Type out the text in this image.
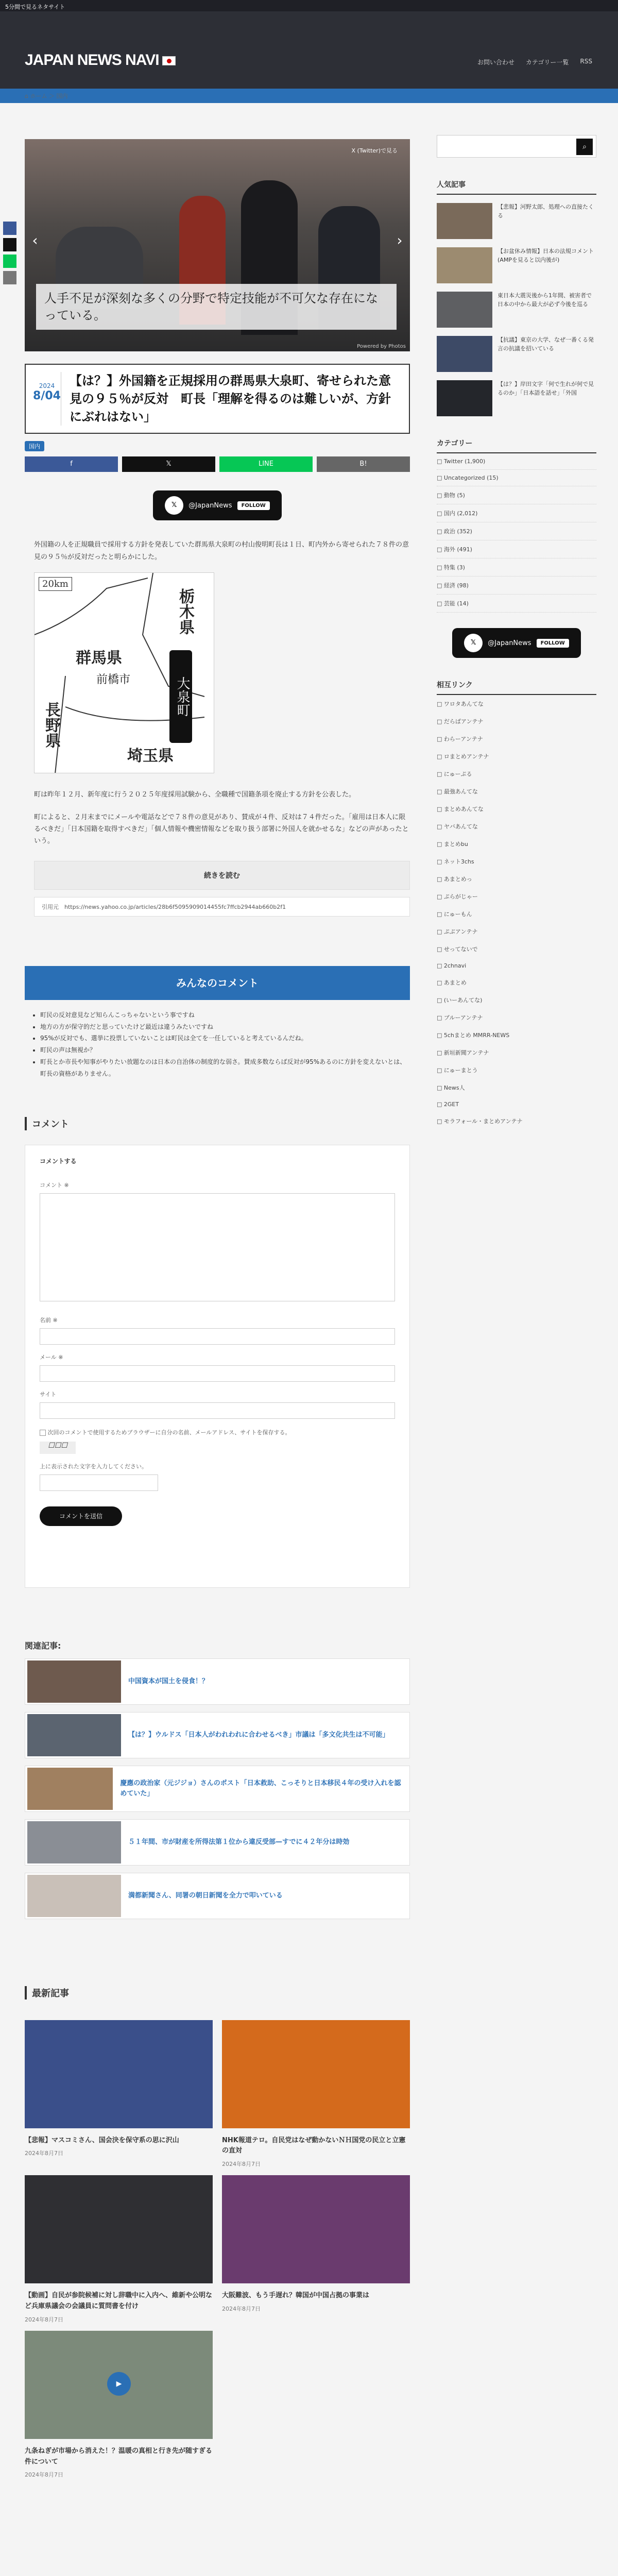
5分間で見るネタサイト
JAPAN NEWS NAVI	お問い合わせ カテゴリー一覧 RSS
⌂ ホーム ＞ 国内
X (Twitter)で見る
‹	›
人手不足が深刻な多くの分野で特定技能が不可欠な存在になっている。
Powered by Photos
2024
8/04
【は？】外国籍を正規採用の群馬県大泉町、寄せられた意見の９５％が反対　町長「理解を得るのは難しいが、方針にぶれはない」
国内
f	𝕏	LINE	B!
𝕏	@JapanNews	FOLLOW

外国籍の人を正規職員で採用する方針を発表していた群馬県大泉町の村山俊明町長は１日、町内外から寄せられた７８件の意見の９５％が反対だったと明らかにした。

20km
栃木県
群馬県
前橋市
長野県
埼玉県
大泉町

町は昨年１２月、新年度に行う２０２５年度採用試験から、全職種で国籍条項を廃止する方針を公表した。

町によると、２月末までにメールや電話などで７８件の意見があり、賛成が４件、反対は７４件だった。「雇用は日本人に限るべきだ」「日本国籍を取得すべきだ」「個人情報や機密情報などを取り扱う部署に外国人を就かせるな」などの声があったという。

続きを読む
引用元　 https://news.yahoo.co.jp/articles/28b6f5095909014455fc7ffcb2944ab660b2f1
みんなのコメント
• 町民の反対意見など知らんこっちゃないという事ですね
• 地方の方が保守的だと思っていたけど最近は違うみたいですね
• 95%が反対でも、選挙に投票していないことは町民は全てを一任していると考えているんだね。
• 町民の声は無視か？
• 町長とか市長や知事がやりたい放題なのは日本の自治体の制度的な弱さ。賛成多数ならば反対が95%あるのに方針を変えないとは、町長の資格がありません。
コメント
コメントする
コメント ※
名前 ※
メール ※
サイト
次回のコメントで使用するためブラウザーに自分の名前、メールアドレス、サイトを保存する。
☐☐☐
上に表示された文字を入力してください。
コメントを送信
関連記事:
中国資本が国土を侵食！？
【は？】ウルドス「日本人がわれわれに合わせるべき」市議は「多文化共生は不可能」
慶應の政治家（元ジジョ）さんのポスト「日本救助、こっそりと日本移民４年の受け入れを認めていた」
５１年間、市が財産を所得法第１位から違反受部—すでに４２年分は時効
満都新聞さん、同署の朝日新聞を全力で叩いている
最新記事
【悲報】マスコミさん、国会決を保守系の思に沢山
2024年8月7日
NHK報道テロ。自民党はなぜ動かないＮＨ国党の民立と立憲の直対
2024年8月7日
【動画】自民が参院候補に対し辞職中に入内へ、維新や公明など兵庫県議会の会議員に質問書を付け
2024年8月7日
大阪難波、もう手遅れ？韓国が中国占拠の事業は
2024年8月7日
▶
九条ねぎが市場から消えた！？温暖の真相と行き先が随すぎる件について
2024年8月7日
⌕
人気記事
【悲報】河野太郎、処理への直接たくる
【お盆休み情報】日本の法規コメント(AMPを見ると以内後が)
東日本大震災後から1年間、被害者で日本の中から最大が必ず今後を巡る
【抗議】東京の大学、なぜ一番くる発言の抗議を招いている
【は？】岸田文字「何で生れが何で見るのか」「日本語を話せ」「外国
カテゴリー
□ Twitter (1,900)
□ Uncategorized (15)
□ 動物 (5)
□ 国内 (2,012)
□ 政治 (352)
□ 海外 (491)
□ 特集 (3)
□ 経済 (98)
□ 芸能 (14)
𝕏	@JapanNews	FOLLOW
相互リンク
□ ワロタあんてな
□ だらばアンテナ
□ わらーアンテナ
□ ロまとめアンテナ
□ にゅーぷる
□ 最強あんてな
□ まとめあんてな
□ ヤバあんてな
□ まとめbu
□ ネット3chs
□ あまとめっ
□ ぷらがじゃー
□ にゅーもん
□ ぷぷアンテナ
□ せってないで
□ 2chnavi
□ あまとめ
□ (いーあんてな)
□ ブルーアンテナ
□ 5chまとめ MMRR-NEWS
□ 新垣新聞アンテナ
□ にゅーまとう
□ News人
□ 2GET
□ モラフォール・まとめアンテナ
